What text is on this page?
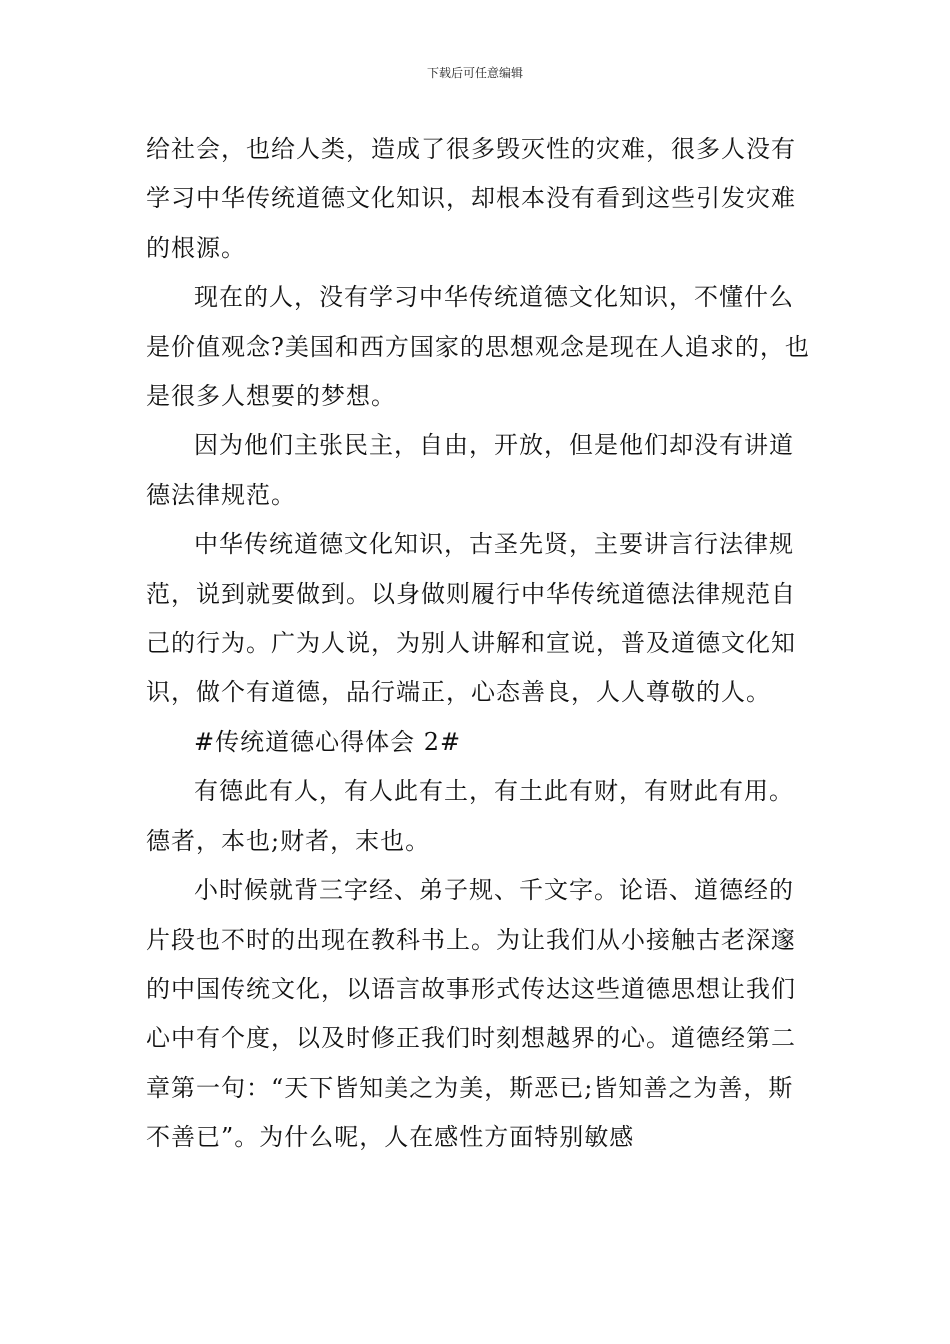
下载后可任意编辑

给社会，也给人类，造成了很多毁灭性的灾难，很多人没有学习中华传统道德文化知识，却根本没有看到这些引发灾难的根源。

现在的人，没有学习中华传统道德文化知识，不懂什么是价值观念?美国和西方国家的思想观念是现在人追求的，也是很多人想要的梦想。

因为他们主张民主，自由，开放，但是他们却没有讲道德法律规范。

中华传统道德文化知识，古圣先贤，主要讲言行法律规范，说到就要做到。以身做则履行中华传统道德法律规范自己的行为。广为人说，为别人讲解和宣说，普及道德文化知识，做个有道德，品行端正，心态善良，人人尊敬的人。

#传统道德心得体会 2#

有德此有人，有人此有土，有土此有财，有财此有用。 德者，本也;财者，末也。

小时候就背三字经、弟子规、千文字。论语、道德经的片段也不时的出现在教科书上。为让我们从小接触古老深邃的中国传统文化，以语言故事形式传达这些道德思想让我们心中有个度，以及时修正我们时刻想越界的心。道德经第二章第一句：“天下皆知美之为美，斯恶已;皆知善之为善，斯不善已”。为什么呢，人在感性方面特别敏感
